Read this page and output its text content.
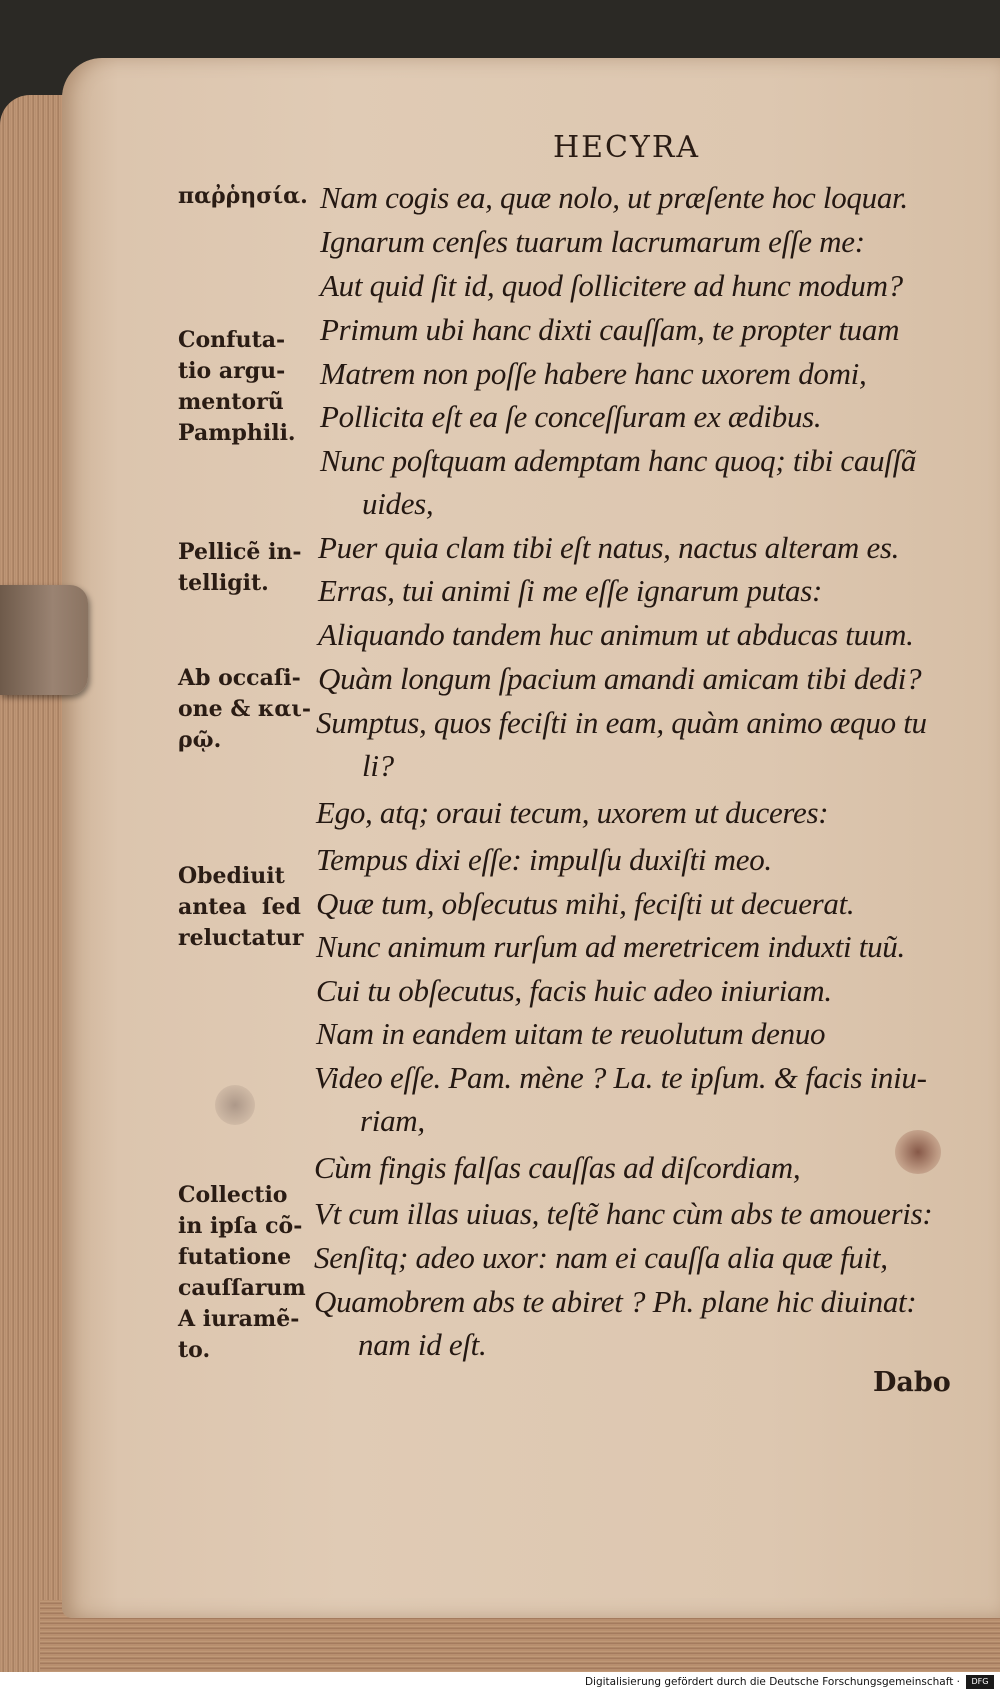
HECYRA
παῤῥησία.
Confuta-
tio argu-
mentorũ
Pamphili.
Pellicẽ in-
telligit.
Ab occaſi-
one & και-
ρῷ.
Obediuit
antea  ſed
reluctatur
Collectio
in ipſa cõ-
futatione
cauſſarum
A iuramẽ-
to.
Nam cogis ea, quæ nolo, ut præſente hoc loquar.
Ignarum cenſes tuarum lacrumarum eſſe me:
Aut quid ſit id, quod ſollicitere ad hunc modum?
Primum ubi hanc dixti cauſſam, te propter tuam
Matrem non poſſe habere hanc uxorem domi,
Pollicita eſt ea ſe conceſſuram ex ædibus.
Nunc poſtquam ademptam hanc quoq; tibi cauſſã
uides,
Puer quia clam tibi eſt natus, nactus alteram es.
Erras, tui animi ſi me eſſe ignarum putas:
Aliquando tandem huc animum ut abducas tuum.
Quàm longum ſpacium amandi amicam tibi dedi?
Sumptus, quos feciſti in eam, quàm animo æquo tu
li?
Ego, atq; oraui tecum, uxorem ut duceres:
Tempus dixi eſſe: impulſu duxiſti meo.
Quæ tum, obſecutus mihi, feciſti ut decuerat.
Nunc animum rurſum ad meretricem induxti tuũ.
Cui tu obſecutus, facis huic adeo iniuriam.
Nam in eandem uitam te reuolutum denuo
Video eſſe. Pam. mène ? La. te ipſum. & facis iniu-
riam,
Cùm fingis falſas cauſſas ad diſcordiam,
Vt cum illas uiuas, teſtẽ hanc cùm abs te amoueris:
Senſitq; adeo uxor: nam ei cauſſa alia quæ fuit,
Quamobrem abs te abiret ? Ph. plane hic diuinat:
nam id eſt.
Dabo
Digitalisierung gefördert durch die Deutsche Forschungsgemeinschaft ·	DFG
